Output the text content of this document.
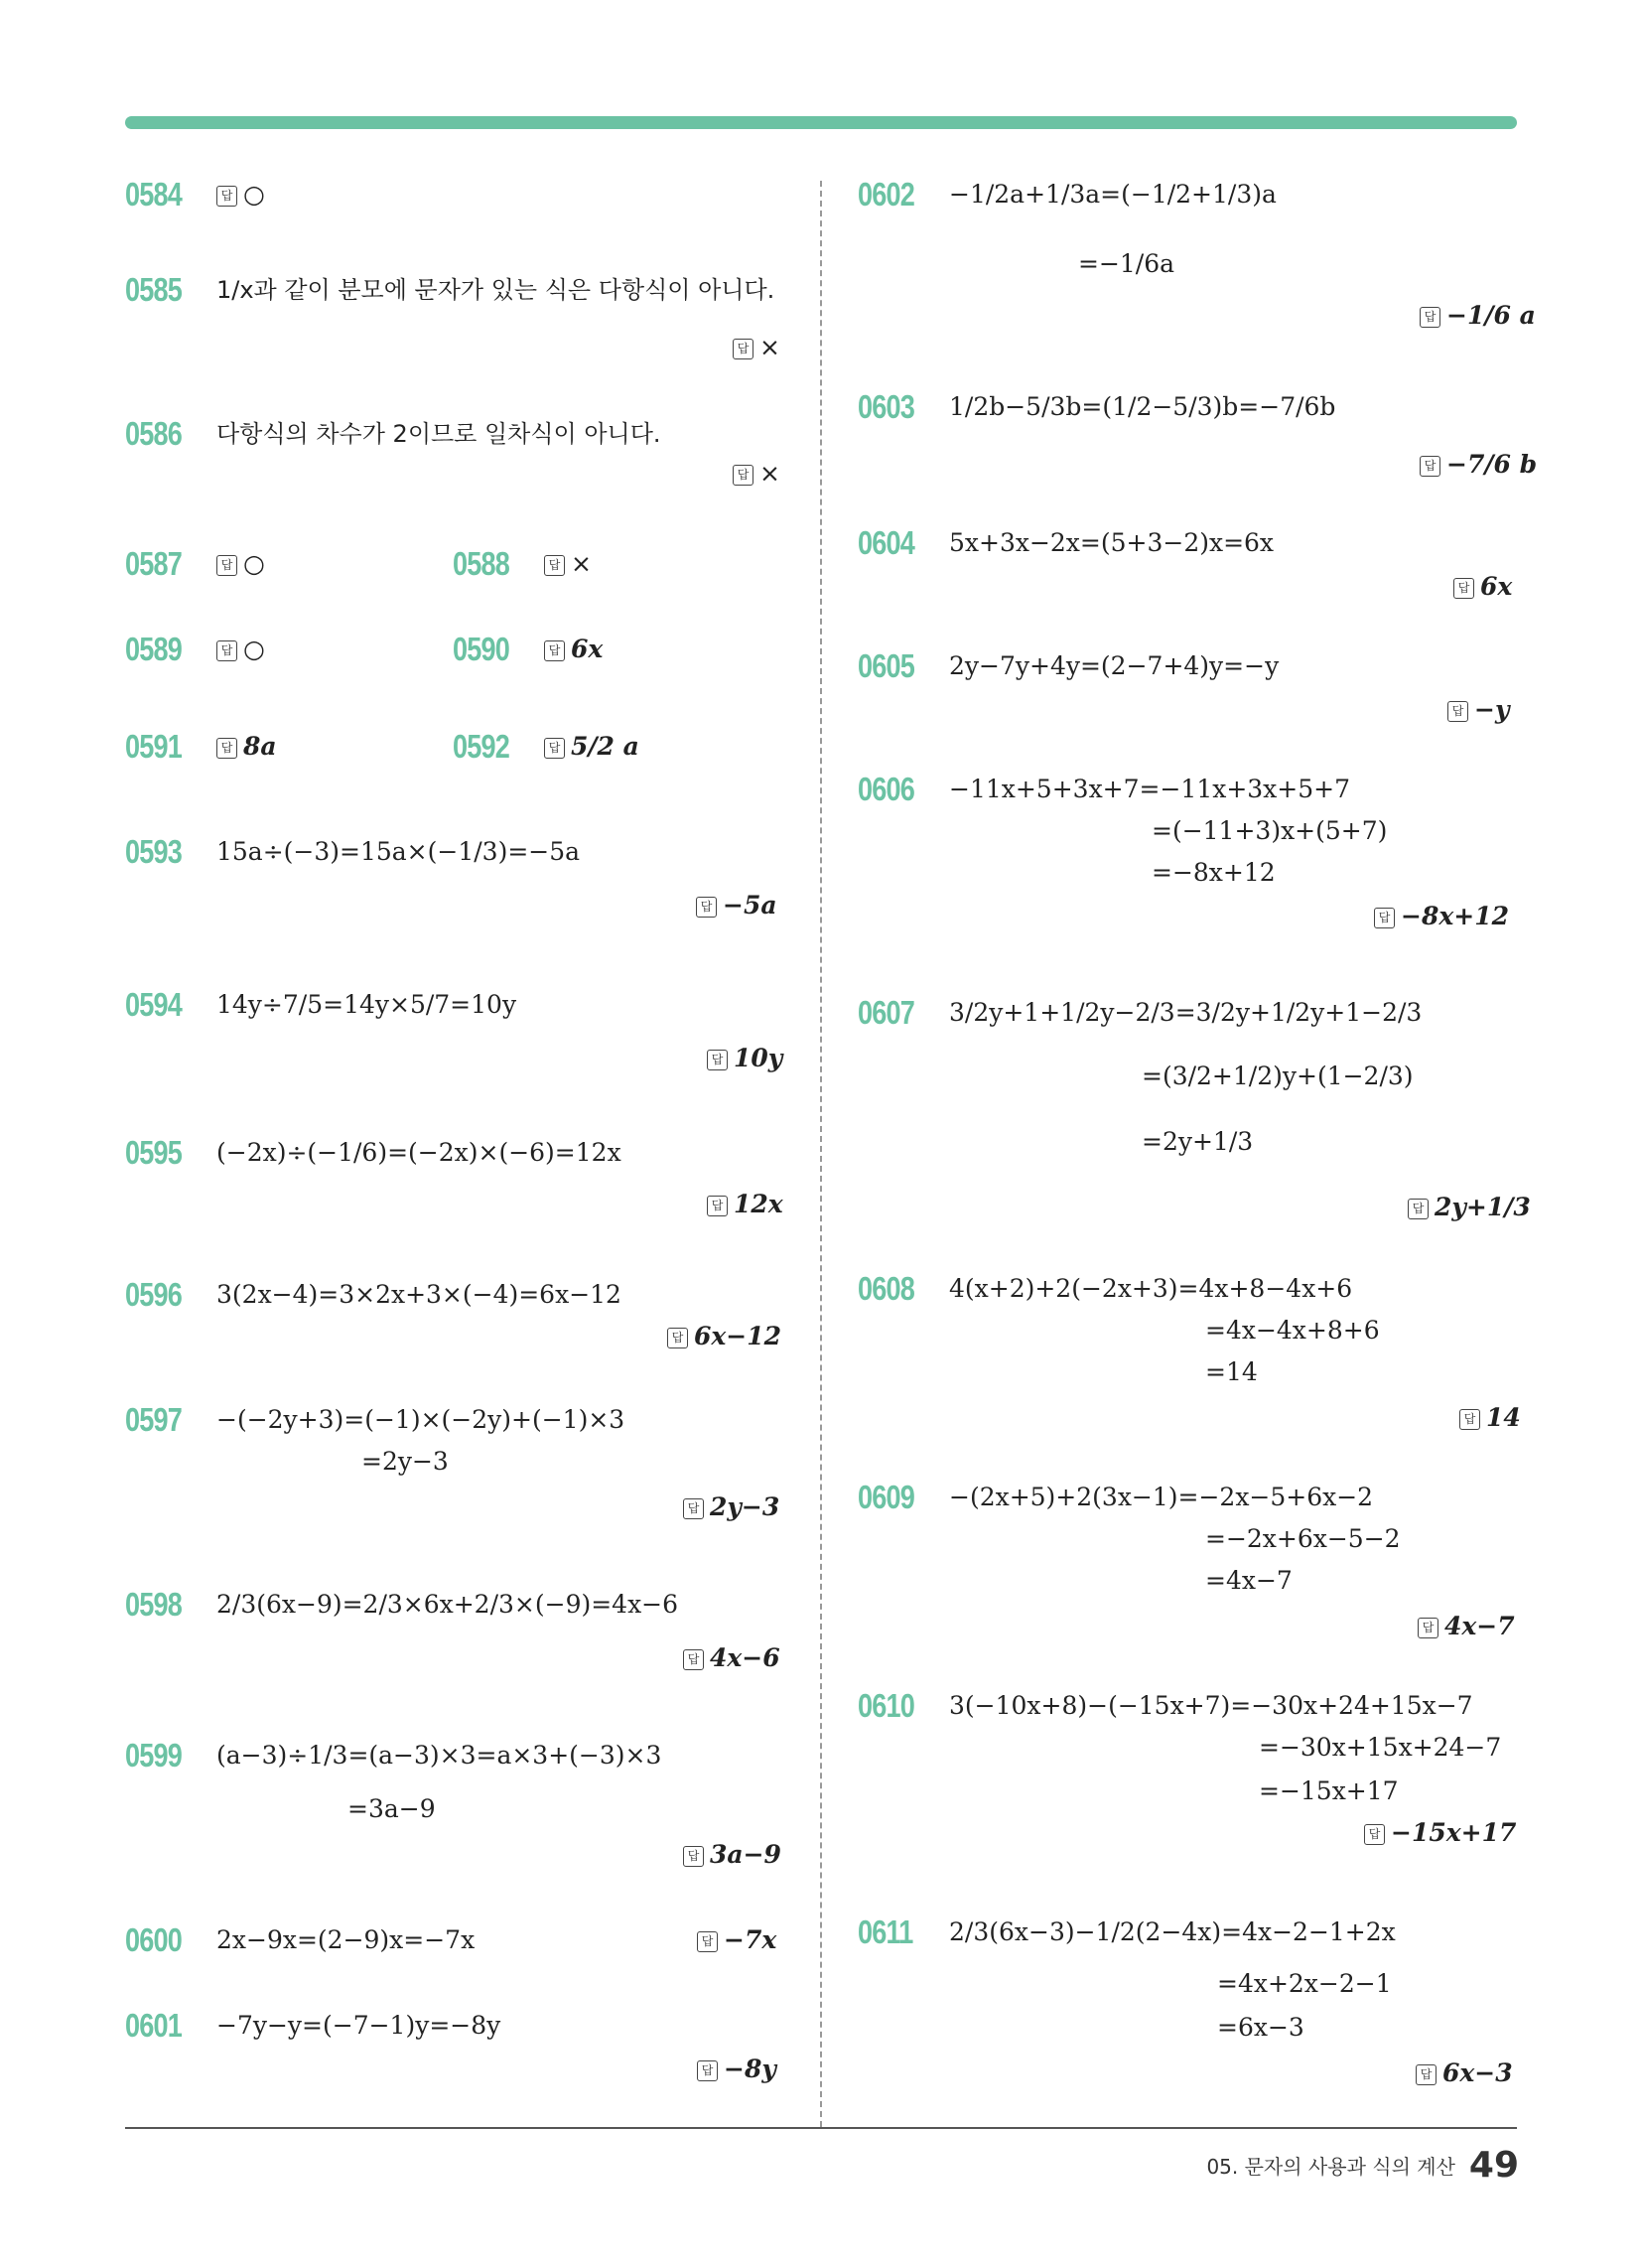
0584	답 ○
0585 1/x과 같이 분모에 문자가 있는 식은 다항식이 아니다.
답 ×
0586 다항식의 차수가 2이므로 일차식이 아니다.
답 ×
0587	답 ○	0588	답 ×
0589	답 ○	0590	답 6x
0591	답 8a	0592	답 5/2 a
0593 15a÷(−3)=15a×(−1/3)=−5a
답 −5a
0594 14y÷7/5=14y×5/7=10y
답 10y
0595 (−2x)÷(−1/6)=(−2x)×(−6)=12x
답 12x
0596 3(2x−4)=3×2x+3×(−4)=6x−12
답 6x−12
0597 −(−2y+3)=(−1)×(−2y)+(−1)×3
=2y−3
답 2y−3
0598 2/3(6x−9)=2/3×6x+2/3×(−9)=4x−6
답 4x−6
0599 (a−3)÷1/3=(a−3)×3=a×3+(−3)×3
=3a−9
답 3a−9
0600 2x−9x=(2−9)x=−7x	답 −7x
0601 −7y−y=(−7−1)y=−8y
답 −8y
0602 −1/2a+1/3a=(−1/2+1/3)a
=−1/6a
답 −1/6 a
0603 1/2b−5/3b=(1/2−5/3)b=−7/6b
답 −7/6 b
0604 5x+3x−2x=(5+3−2)x=6x
답 6x
0605 2y−7y+4y=(2−7+4)y=−y
답 −y
0606 −11x+5+3x+7=−11x+3x+5+7
=(−11+3)x+(5+7)
=−8x+12
답 −8x+12
0607 3/2y+1+1/2y−2/3=3/2y+1/2y+1−2/3
=(3/2+1/2)y+(1−2/3)
=2y+1/3
답 2y+1/3
0608 4(x+2)+2(−2x+3)=4x+8−4x+6
=4x−4x+8+6
=14
답 14
0609 −(2x+5)+2(3x−1)=−2x−5+6x−2
=−2x+6x−5−2
=4x−7
답 4x−7
0610 3(−10x+8)−(−15x+7)=−30x+24+15x−7
=−30x+15x+24−7
=−15x+17
답 −15x+17
0611 2/3(6x−3)−1/2(2−4x)=4x−2−1+2x
=4x+2x−2−1
=6x−3
답 6x−3
05. 문자의 사용과 식의 계산 49
